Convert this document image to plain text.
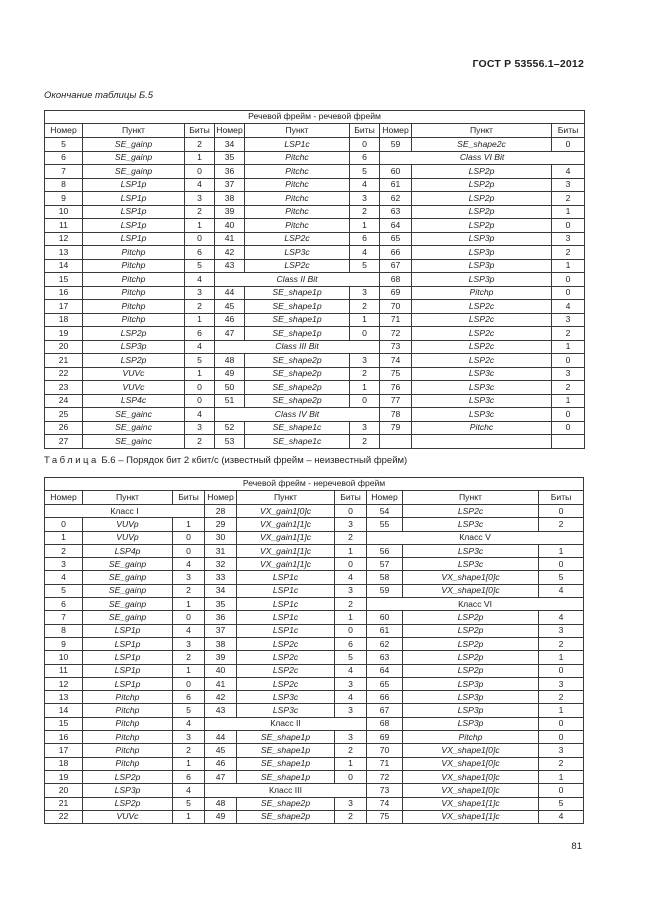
ГОСТ Р 53556.1–2012
Окончание таблицы Б.5
Речевой фрейм - речевой фрейм								
Номер	Пункт	Биты	Номер	Пункт	Биты	Номер	Пункт	Биты
5	SE_gainp	2	34	LSP1c	0	59	SE_shape2c	0
6	SE_gainp	1	35	Pitchc	6	Class VI Bit		
7	SE_gainp	0	36	Pitchc	5	60	LSP2p	4
8	LSP1p	4	37	Pitchc	4	61	LSP2p	3
9	LSP1p	3	38	Pitchc	3	62	LSP2p	2
10	LSP1p	2	39	Pitchc	2	63	LSP2p	1
11	LSP1p	1	40	Pitchc	1	64	LSP2p	0
12	LSP1p	0	41	LSP2c	6	65	LSP3p	3
13	Pitchp	6	42	LSP3c	4	66	LSP3p	2
14	Pitchp	5	43	LSP2c	5	67	LSP3p	1
15	Pitchp	4	Class II Bit			68	LSP3p	0
16	Pitchp	3	44	SE_shape1p	3	69	Pitchp	0
17	Pitchp	2	45	SE_shape1p	2	70	LSP2c	4
18	Pitchp	1	46	SE_shape1p	1	71	LSP2c	3
19	LSP2p	6	47	SE_shape1p	0	72	LSP2c	2
20	LSP3p	4	Class III Bit			73	LSP2c	1
21	LSP2p	5	48	SE_shape2p	3	74	LSP2c	0
22	VUVc	1	49	SE_shape2p	2	75	LSP3c	3
23	VUVc	0	50	SE_shape2p	1	76	LSP3c	2
24	LSP4c	0	51	SE_shape2p	0	77	LSP3c	1
25	SE_gainc	4	Class IV Bit			78	LSP3c	0
26	SE_gainc	3	52	SE_shape1c	3	79	Pitchc	0
27	SE_gainc	2	53	SE_shape1c	2			
Таблица Б.6 – Порядок бит 2 кбит/с (известный фрейм – неизвестный фрейм)
Речевой фрейм - неречевой фрейм								
Номер	Пункт	Биты	Номер	Пункт	Биты	Номер	Пункт	Биты
Класс I			28	VX_gain1[0]c	0	54	LSP2c	0
0	VUVp	1	29	VX_gain1[1]c	3	55	LSP3c	2
1	VUVp	0	30	VX_gain1[1]c	2	Класс V		
2	LSP4p	0	31	VX_gain1[1]c	1	56	LSP3c	1
3	SE_gainp	4	32	VX_gain1[1]c	0	57	LSP3c	0
4	SE_gainp	3	33	LSP1c	4	58	VX_shape1[0]c	5
5	SE_gainp	2	34	LSP1c	3	59	VX_shape1[0]c	4
6	SE_gainp	1	35	LSP1c	2	Класс VI		
7	SE_gainp	0	36	LSP1c	1	60	LSP2p	4
8	LSP1p	4	37	LSP1c	0	61	LSP2p	3
9	LSP1p	3	38	LSP2c	6	62	LSP2p	2
10	LSP1p	2	39	LSP2c	5	63	LSP2p	1
11	LSP1p	1	40	LSP2c	4	64	LSP2p	0
12	LSP1p	0	41	LSP2c	3	65	LSP3p	3
13	Pitchp	6	42	LSP3c	4	66	LSP3p	2
14	Pitchp	5	43	LSP3c	3	67	LSP3p	1
15	Pitchp	4	Класс II			68	LSP3p	0
16	Pitchp	3	44	SE_shape1p	3	69	Pitchp	0
17	Pitchp	2	45	SE_shape1p	2	70	VX_shape1[0]c	3
18	Pitchp	1	46	SE_shape1p	1	71	VX_shape1[0]c	2
19	LSP2p	6	47	SE_shape1p	0	72	VX_shape1[0]c	1
20	LSP3p	4	Класс III			73	VX_shape1[0]c	0
21	LSP2p	5	48	SE_shape2p	3	74	VX_shape1[1]c	5
22	VUVc	1	49	SE_shape2p	2	75	VX_shape1[1]c	4
81
